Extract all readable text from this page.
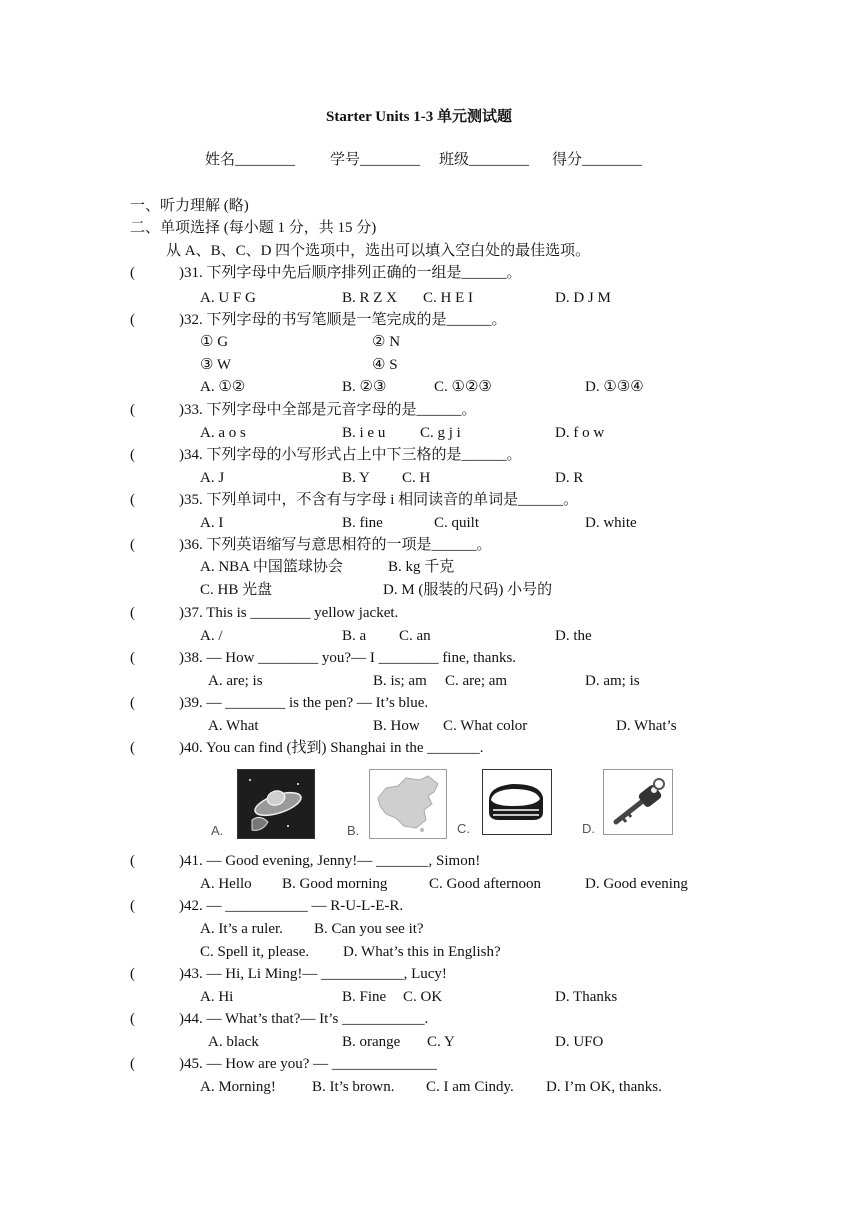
Starter Units 1-3 单元测试题
姓名________ 学号________ 班级________ 得分________
一、听力理解 (略)
二、单项选择 (每小题 1 分，共 15 分)
从 A、B、C、D 四个选项中，选出可以填入空白处的最佳选项。
(	)31. 下列字母中先后顺序排列正确的一组是______。
A. U F G	B. R Z X C. H E I	D. D J M
(	)32. 下列字母的书写笔顺是一笔完成的是______。
① G	② N
③ W	④ S
A. ①②	B. ②③	C. ①②③	D. ①③④
(	)33. 下列字母中全部是元音字母的是______。
A. a o s	B. i e u C. g j i	D. f o w
(	)34. 下列字母的小写形式占上中下三格的是______。
A. J	B. Y C. H	D. R
(	)35. 下列单词中，不含有与字母 i 相同读音的单词是______。
A. I	B. fine	C. quilt	D. white
(	)36. 下列英语缩写与意思相符的一项是______。
A. NBA 中国篮球协会	B. kg 千克
C. HB 光盘	D. M (服装的尺码) 小号的
(	)37. This is ________ yellow jacket.
A. /	B. a C. an	D. the
(	)38. — How ________ you?— I ________ fine, thanks.
A. are; is	B. is; am C. are; am	D. am; is
(	)39. — ________ is the pen? — It’s blue.
A. What	B. How C. What color	D. What’s
(	)40. You can find (找到) Shanghai in the _______.
A.	B.	C.	D.
(	)41. — Good evening, Jenny!— _______, Simon!
A. Hello B. Good morning	C. Good afternoon	D. Good evening
(	)42. — ___________ — R-U-L-E-R.
A. It’s a ruler. B. Can you see it?
C. Spell it, please. D. What’s this in English?
(	)43. — Hi, Li Ming!— ___________, Lucy!
A. Hi	B. Fine C. OK	D. Thanks
(	)44. — What’s that?— It’s ___________.
A. black	B. orange C. Y	D. UFO
(	)45. — How are you? — ______________
A. Morning! B. It’s brown. C. I am Cindy. D. I’m OK, thanks.
